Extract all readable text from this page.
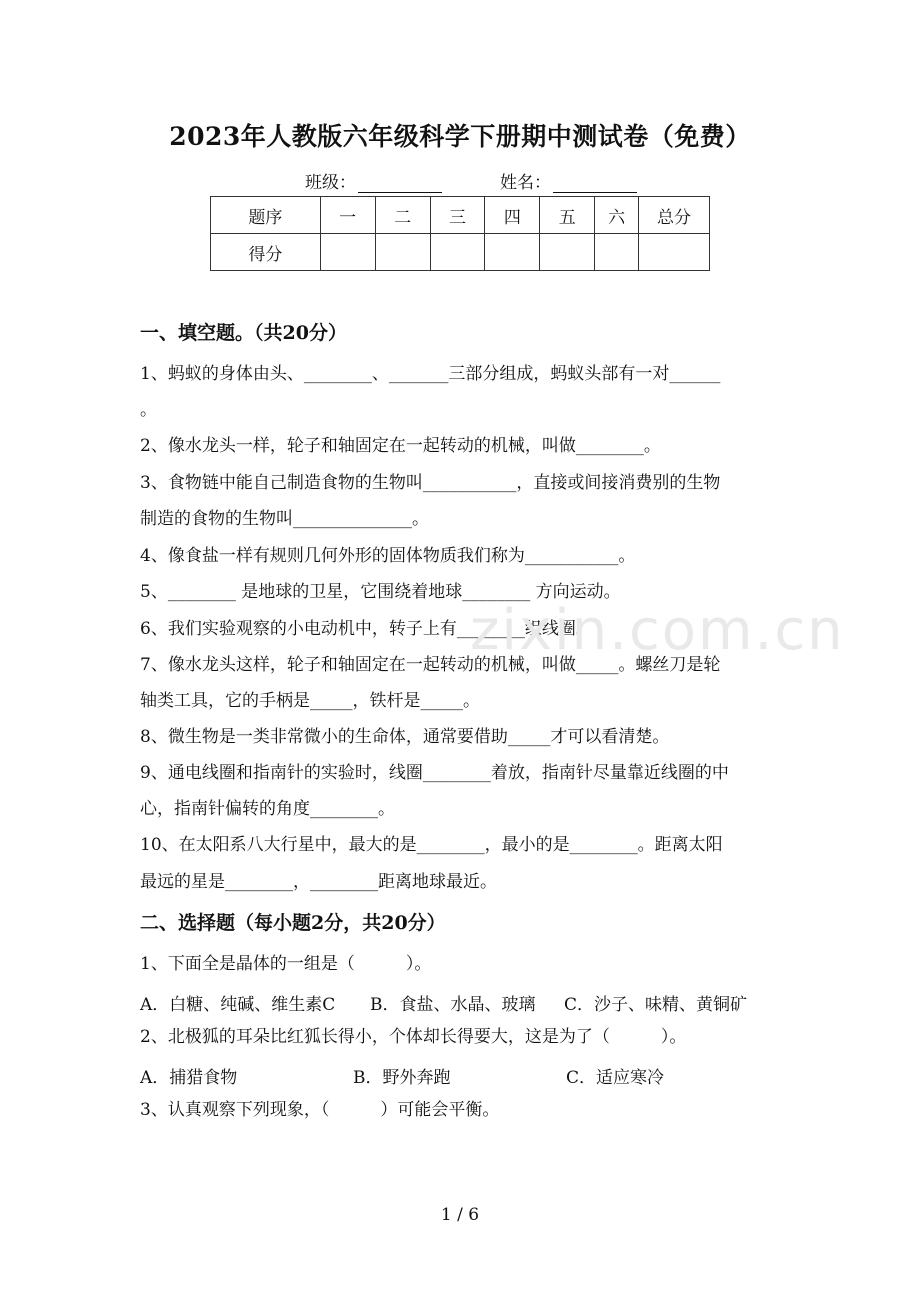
2023年人教版六年级科学下册期中测试卷（免费）
班级：	姓名：
题序	一	二	三	四	五	六	总分
得分							
一、填空题。（共20分）
1、蚂蚁的身体由头、________、_______三部分组成，蚂蚁头部有一对______
。
2、像水龙头一样，轮子和轴固定在一起转动的机械，叫做________。
3、食物链中能自己制造食物的生物叫___________，直接或间接消费别的生物
制造的食物的生物叫______________。
4、像食盐一样有规则几何外形的固体物质我们称为___________。
5、________ 是地球的卫星，它围绕着地球________ 方向运动。
6、我们实验观察的小电动机中，转子上有________组线圈。
7、像水龙头这样，轮子和轴固定在一起转动的机械，叫做_____。螺丝刀是轮
轴类工具，它的手柄是_____，铁杆是_____。
8、微生物是一类非常微小的生命体，通常要借助_____才可以看清楚。
9、通电线圈和指南针的实验时，线圈________着放，指南针尽量靠近线圈的中
心，指南针偏转的角度________。
10、在太阳系八大行星中，最大的是________，最小的是________。距离太阳
最远的星是________，________距离地球最近。
二、选择题（每小题2分，共20分）
1、下面全是晶体的一组是（　　　）。
A．白糖、纯碱、维生素C B．食盐、水晶、玻璃 C．沙子、味精、黄铜矿
2、北极狐的耳朵比红狐长得小，个体却长得要大，这是为了（　　　）。
A．捕猎食物	B．野外奔跑	C．适应寒冷
3、认真观察下列现象，（　　　）可能会平衡。
zixin.com.cn
1 / 6
